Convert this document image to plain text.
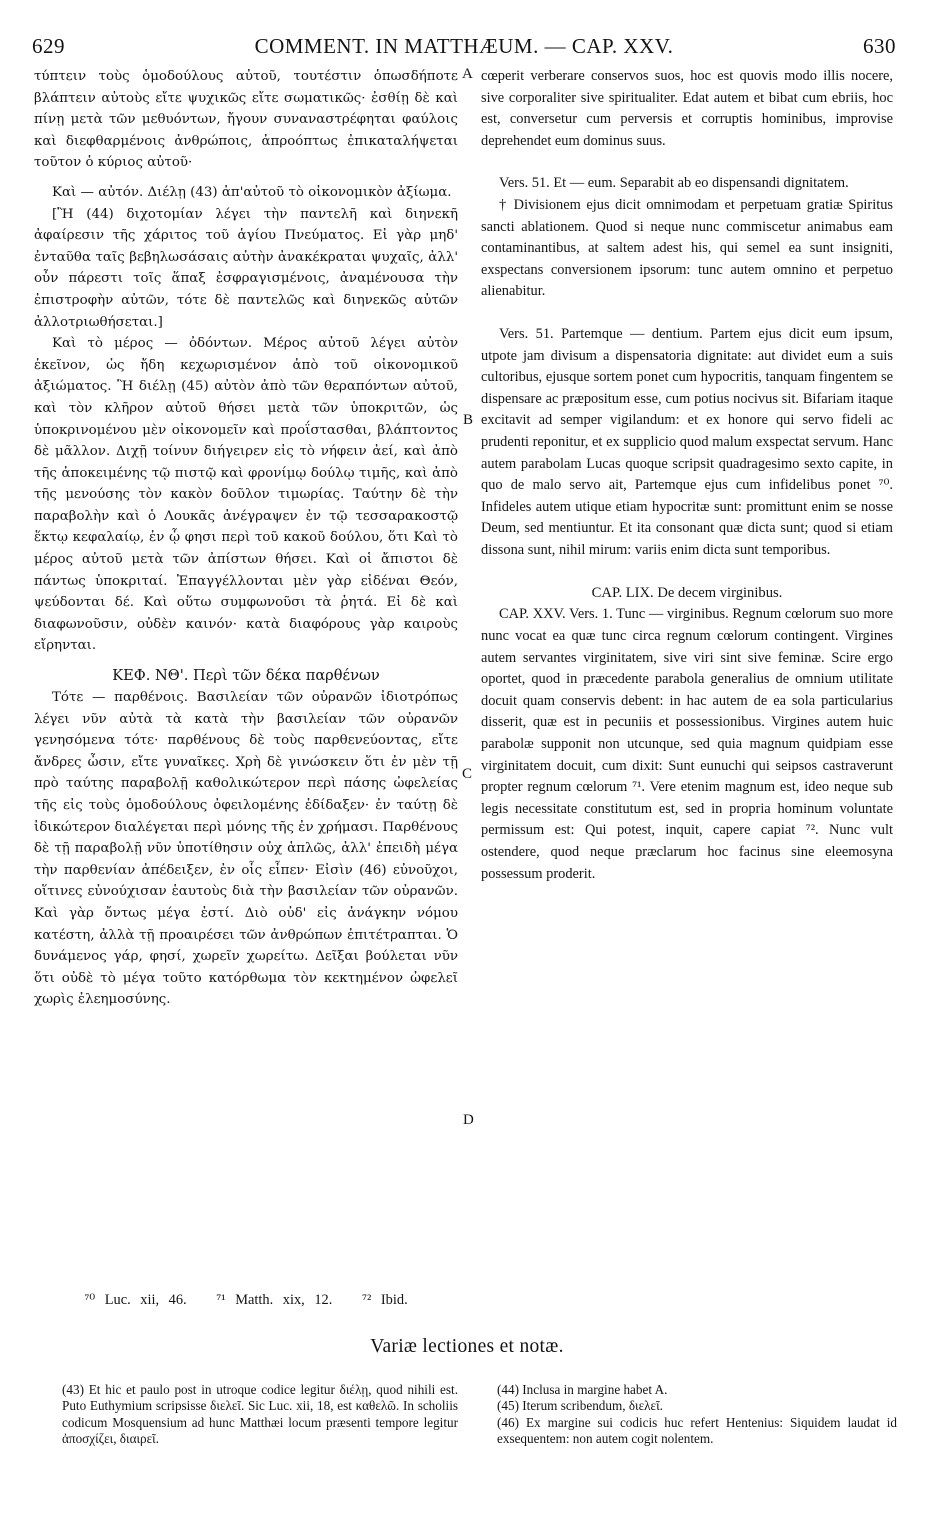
629	COMMENT. IN MATTHÆUM. — CAP. XXV.	630
A
B
C
D

τύπτειν τοὺς ὁμοδούλους αὐτοῦ, τουτέστιν ὁπωσδήποτε βλάπτειν αὐτοὺς εἴτε ψυχικῶς εἴτε σωματικῶς· ἐσθίῃ δὲ καὶ πίνῃ μετὰ τῶν μεθυόντων, ἤγουν συναναστρέφηται φαύλοις καὶ διεφθαρμένοις ἀνθρώποις, ἀπροόπτως ἐπικαταλήψεται τοῦτον ὁ κύριος αὐτοῦ·

Καὶ — αὐτόν. Διέλῃ (43) ἀπ'αὐτοῦ τὸ οἰκονομικὸν ἀξίωμα.

[Ἢ (44) διχοτομίαν λέγει τὴν παντελῆ καὶ διηνεκῆ ἀφαίρεσιν τῆς χάριτος τοῦ ἁγίου Πνεύματος. Εἰ γὰρ μηδ' ἐνταῦθα ταῖς βεβηλωσάσαις αὐτὴν ἀνακέκραται ψυχαῖς, ἀλλ' οὖν πάρεστι τοῖς ἅπαξ ἐσφραγισμένοις, ἀναμένουσα τὴν ἐπιστροφὴν αὐτῶν, τότε δὲ παντελῶς καὶ διηνεκῶς αὐτῶν ἀλλοτριωθήσεται.]

Καὶ τὸ μέρος — ὀδόντων. Μέρος αὐτοῦ λέγει αὐτὸν ἐκεῖνον, ὡς ἤδη κεχωρισμένον ἀπὸ τοῦ οἰκονομικοῦ ἀξιώματος. Ἢ διέλῃ (45) αὐτὸν ἀπὸ τῶν θεραπόντων αὐτοῦ, καὶ τὸν κλῆρον αὐτοῦ θήσει μετὰ τῶν ὑποκριτῶν, ὡς ὑποκρινομένου μὲν οἰκονομεῖν καὶ προΐστασθαι, βλάπτοντος δὲ μᾶλλον. Διχῇ τοίνυν διήγειρεν εἰς τὸ νήφειν ἀεί, καὶ ἀπὸ τῆς ἀποκειμένης τῷ πιστῷ καὶ φρονίμῳ δούλῳ τιμῆς, καὶ ἀπὸ τῆς μενούσης τὸν κακὸν δοῦλον τιμωρίας. Ταύτην δὲ τὴν παραβολὴν καὶ ὁ Λουκᾶς ἀνέγραψεν ἐν τῷ τεσσαρακοστῷ ἕκτῳ κεφαλαίῳ, ἐν ᾧ φησι περὶ τοῦ κακοῦ δούλου, ὅτι Καὶ τὸ μέρος αὐτοῦ μετὰ τῶν ἀπίστων θήσει. Καὶ οἱ ἄπιστοι δὲ πάντως ὑποκριταί. Ἐπαγγέλλονται μὲν γὰρ εἰδέναι Θεόν, ψεύδονται δέ. Καὶ οὕτω συμφωνοῦσι τὰ ῥητά. Εἰ δὲ καὶ διαφωνοῦσιν, οὐδὲν καινόν· κατὰ διαφόρους γὰρ καιροὺς εἴρηνται.

ΚΕΦ. ΝΘ'. Περὶ τῶν δέκα παρθένων

Τότε — παρθένοις. Βασιλείαν τῶν οὐρανῶν ἰδιοτρόπως λέγει νῦν αὐτὰ τὰ κατὰ τὴν βασιλείαν τῶν οὐρανῶν γενησόμενα τότε· παρθένους δὲ τοὺς παρθενεύοντας, εἴτε ἄνδρες ὦσιν, εἴτε γυναῖκες. Χρὴ δὲ γινώσκειν ὅτι ἐν μὲν τῇ πρὸ ταύτης παραβολῇ καθολικώτερον περὶ πάσης ὠφελείας τῆς εἰς τοὺς ὁμοδούλους ὀφειλομένης ἐδίδαξεν· ἐν ταύτῃ δὲ ἰδικώτερον διαλέγεται περὶ μόνης τῆς ἐν χρήμασι. Παρθένους δὲ τῇ παραβολῇ νῦν ὑποτίθησιν οὐχ ἁπλῶς, ἀλλ' ἐπειδὴ μέγα τὴν παρθενίαν ἀπέδειξεν, ἐν οἷς εἶπεν· Εἰσὶν (46) εὐνοῦχοι, οἵτινες εὐνούχισαν ἑαυτοὺς διὰ τὴν βασιλείαν τῶν οὐρανῶν. Καὶ γὰρ ὄντως μέγα ἐστί. Διὸ οὐδ' εἰς ἀνάγκην νόμου κατέστη, ἀλλὰ τῇ προαιρέσει τῶν ἀνθρώπων ἐπιτέτραπται. Ὁ δυνάμενος γάρ, φησί, χωρεῖν χωρείτω. Δεῖξαι βούλεται νῦν ὅτι οὐδὲ τὸ μέγα τοῦτο κατόρθωμα τὸν κεκτημένον ὠφελεῖ χωρὶς ἐλεημοσύνης.

cœperit verberare conservos suos, hoc est quovis modo illis nocere, sive corporaliter sive spiritualiter. Edat autem et bibat cum ebriis, hoc est, conversetur cum perversis et corruptis hominibus, improvise deprehendet eum dominus suus.

Vers. 51. Et — eum. Separabit ab eo dispensandi dignitatem.

† Divisionem ejus dicit omnimodam et perpetuam gratiæ Spiritus sancti ablationem. Quod si neque nunc commiscetur animabus eam contaminantibus, at saltem adest his, qui semel ea sunt insigniti, exspectans conversionem ipsorum: tunc autem omnino et perpetuo alienabitur.

Vers. 51. Partemque — dentium. Partem ejus dicit eum ipsum, utpote jam divisum a dispensatoria dignitate: aut dividet eum a suis cultoribus, ejusque sortem ponet cum hypocritis, tanquam fingentem se dispensare ac præpositum esse, cum potius nocivus sit. Bifariam itaque excitavit ad semper vigilandum: et ex honore qui servo fideli ac prudenti reponitur, et ex supplicio quod malum exspectat servum. Hanc autem parabolam Lucas quoque scripsit quadragesimo sexto capite, in quo de malo servo ait, Partemque ejus cum infidelibus ponet ⁷⁰. Infideles autem utique etiam hypocritæ sunt: promittunt enim se nosse Deum, sed mentiuntur. Et ita consonant quæ dicta sunt; quod si etiam dissona sunt, nihil mirum: variis enim dicta sunt temporibus.

CAP. LIX. De decem virginibus.

CAP. XXV. Vers. 1. Tunc — virginibus. Regnum cœlorum suo more nunc vocat ea quæ tunc circa regnum cœlorum contingent. Virgines autem servantes virginitatem, sive viri sint sive feminæ. Scire ergo oportet, quod in præcedente parabola generalius de omnium utilitate docuit quam conservis debent: in hac autem de ea sola particularius disserit, quæ est in pecuniis et possessionibus. Virgines autem huic parabolæ supponit non utcunque, sed quia magnum quidpiam esse virginitatem docuit, cum dixit: Sunt eunuchi qui seipsos castraverunt propter regnum cœlorum ⁷¹. Vere etenim magnum est, ideo neque sub legis necessitate constitutum est, sed in propria hominum voluntate permissum est: Qui potest, inquit, capere capiat ⁷². Nunc vult ostendere, quod neque præclarum hoc facinus sine eleemosyna possessum proderit.

⁷⁰ Luc. xii, 46. ⁷¹ Matth. xix, 12. ⁷² Ibid.
Variæ lectiones et notæ.

(43) Et hic et paulo post in utroque codice legitur διέλῃ, quod nihili est. Puto Euthymium scripsisse διελεῖ. Sic Luc. xii, 18, est καθελῶ. In scholiis codicum Mosquensium ad hunc Matthæi locum præsenti tempore legitur ἀποσχίζει, διαιρεῖ.

(44) Inclusa in margine habet A.

(45) Iterum scribendum, διελεῖ.

(46) Ex margine sui codicis huc refert Hentenius: Siquidem laudat id exsequentem: non autem cogit nolentem.
